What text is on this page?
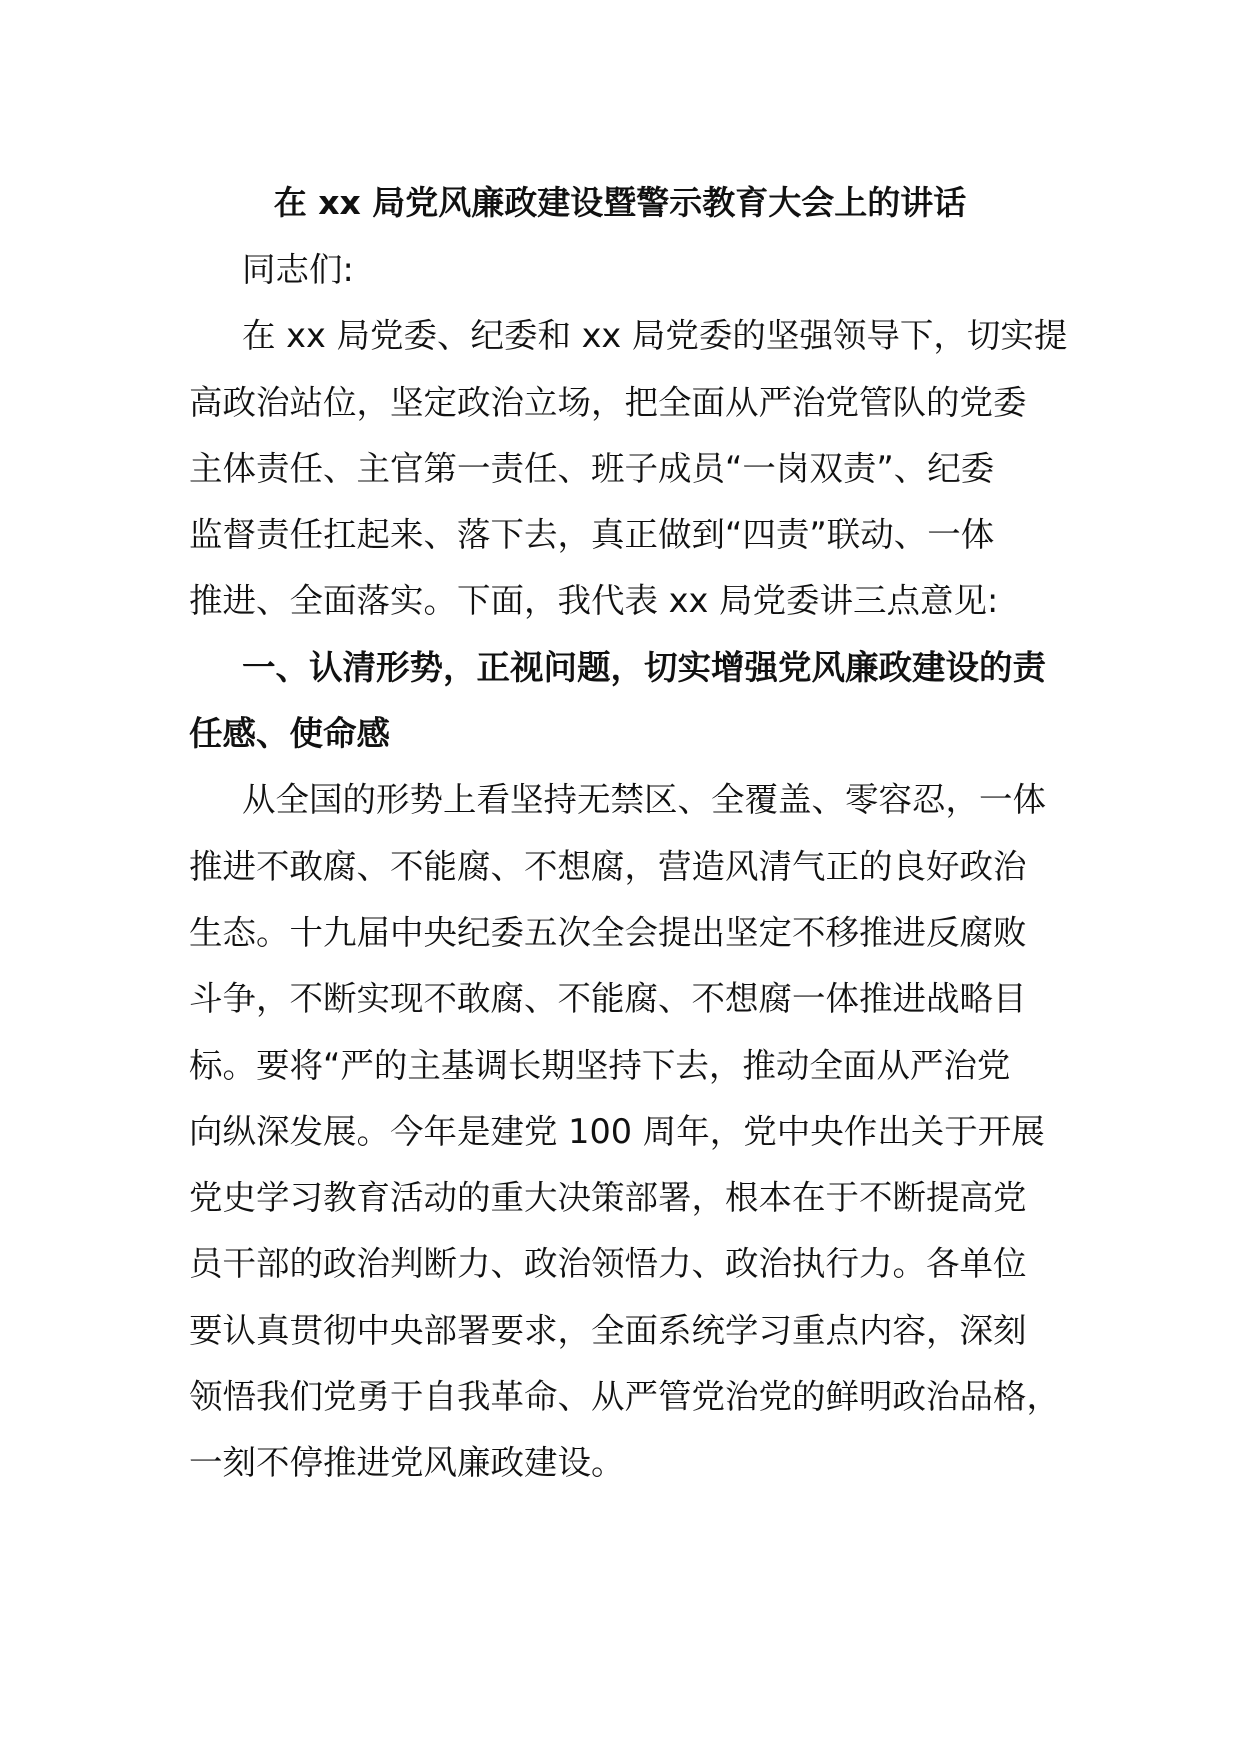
在 xx 局党风廉政建设暨警示教育大会上的讲话
同志们:
在 xx 局党委、纪委和 xx 局党委的坚强领导下，切实提
高政治站位，坚定政治立场，把全面从严治党管队的党委
主体责任、主官第一责任、班子成员“一岗双责”、纪委
监督责任扛起来、落下去，真正做到“四责”联动、一体
推进、全面落实。下面，我代表 xx 局党委讲三点意见:
一、认清形势，正视问题，切实增强党风廉政建设的责
任感、使命感
从全国的形势上看坚持无禁区、全覆盖、零容忍，一体
推进不敢腐、不能腐、不想腐，营造风清气正的良好政治
生态。十九届中央纪委五次全会提出坚定不移推进反腐败
斗争，不断实现不敢腐、不能腐、不想腐一体推进战略目
标。要将“严的主基调长期坚持下去，推动全面从严治党
向纵深发展。今年是建党 100 周年，党中央作出关于开展
党史学习教育活动的重大决策部署，根本在于不断提高党
员干部的政治判断力、政治领悟力、政治执行力。各单位
要认真贯彻中央部署要求，全面系统学习重点内容，深刻
领悟我们党勇于自我革命、从严管党治党的鲜明政治品格，
一刻不停推进党风廉政建设。
